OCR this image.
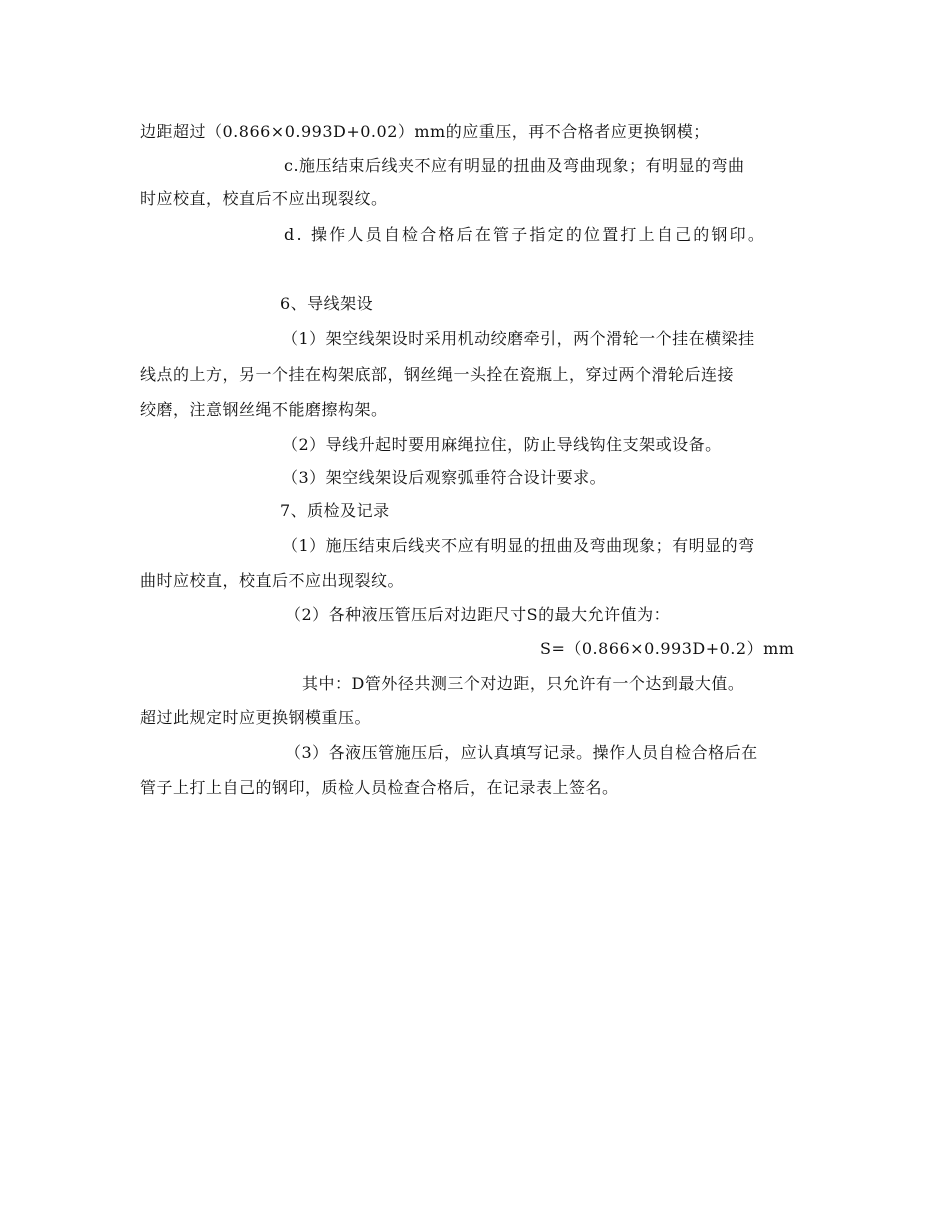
边距超过（0.866×0.993D+0.02）mm的应重压，再不合格者应更换钢模；
c.施压结束后线夹不应有明显的扭曲及弯曲现象；有明显的弯曲
时应校直，校直后不应出现裂纹。
d. 操作人员自检合格后在管子指定的位置打上自己的钢印。
6、导线架设
（1）架空线架设时采用机动绞磨牵引，两个滑轮一个挂在横梁挂
线点的上方，另一个挂在构架底部，钢丝绳一头拴在瓷瓶上，穿过两个滑轮后连接
绞磨，注意钢丝绳不能磨擦构架。
（2）导线升起时要用麻绳拉住，防止导线钩住支架或设备。
（3）架空线架设后观察弧垂符合设计要求。
7、质检及记录
（1）施压结束后线夹不应有明显的扭曲及弯曲现象；有明显的弯
曲时应校直，校直后不应出现裂纹。
（2）各种液压管压后对边距尺寸S的最大允许值为：
S=（0.866×0.993D+0.2）mm
其中：D管外径共测三个对边距，只允许有一个达到最大值。
超过此规定时应更换钢模重压。
（3）各液压管施压后，应认真填写记录。操作人员自检合格后在
管子上打上自己的钢印，质检人员检查合格后，在记录表上签名。
